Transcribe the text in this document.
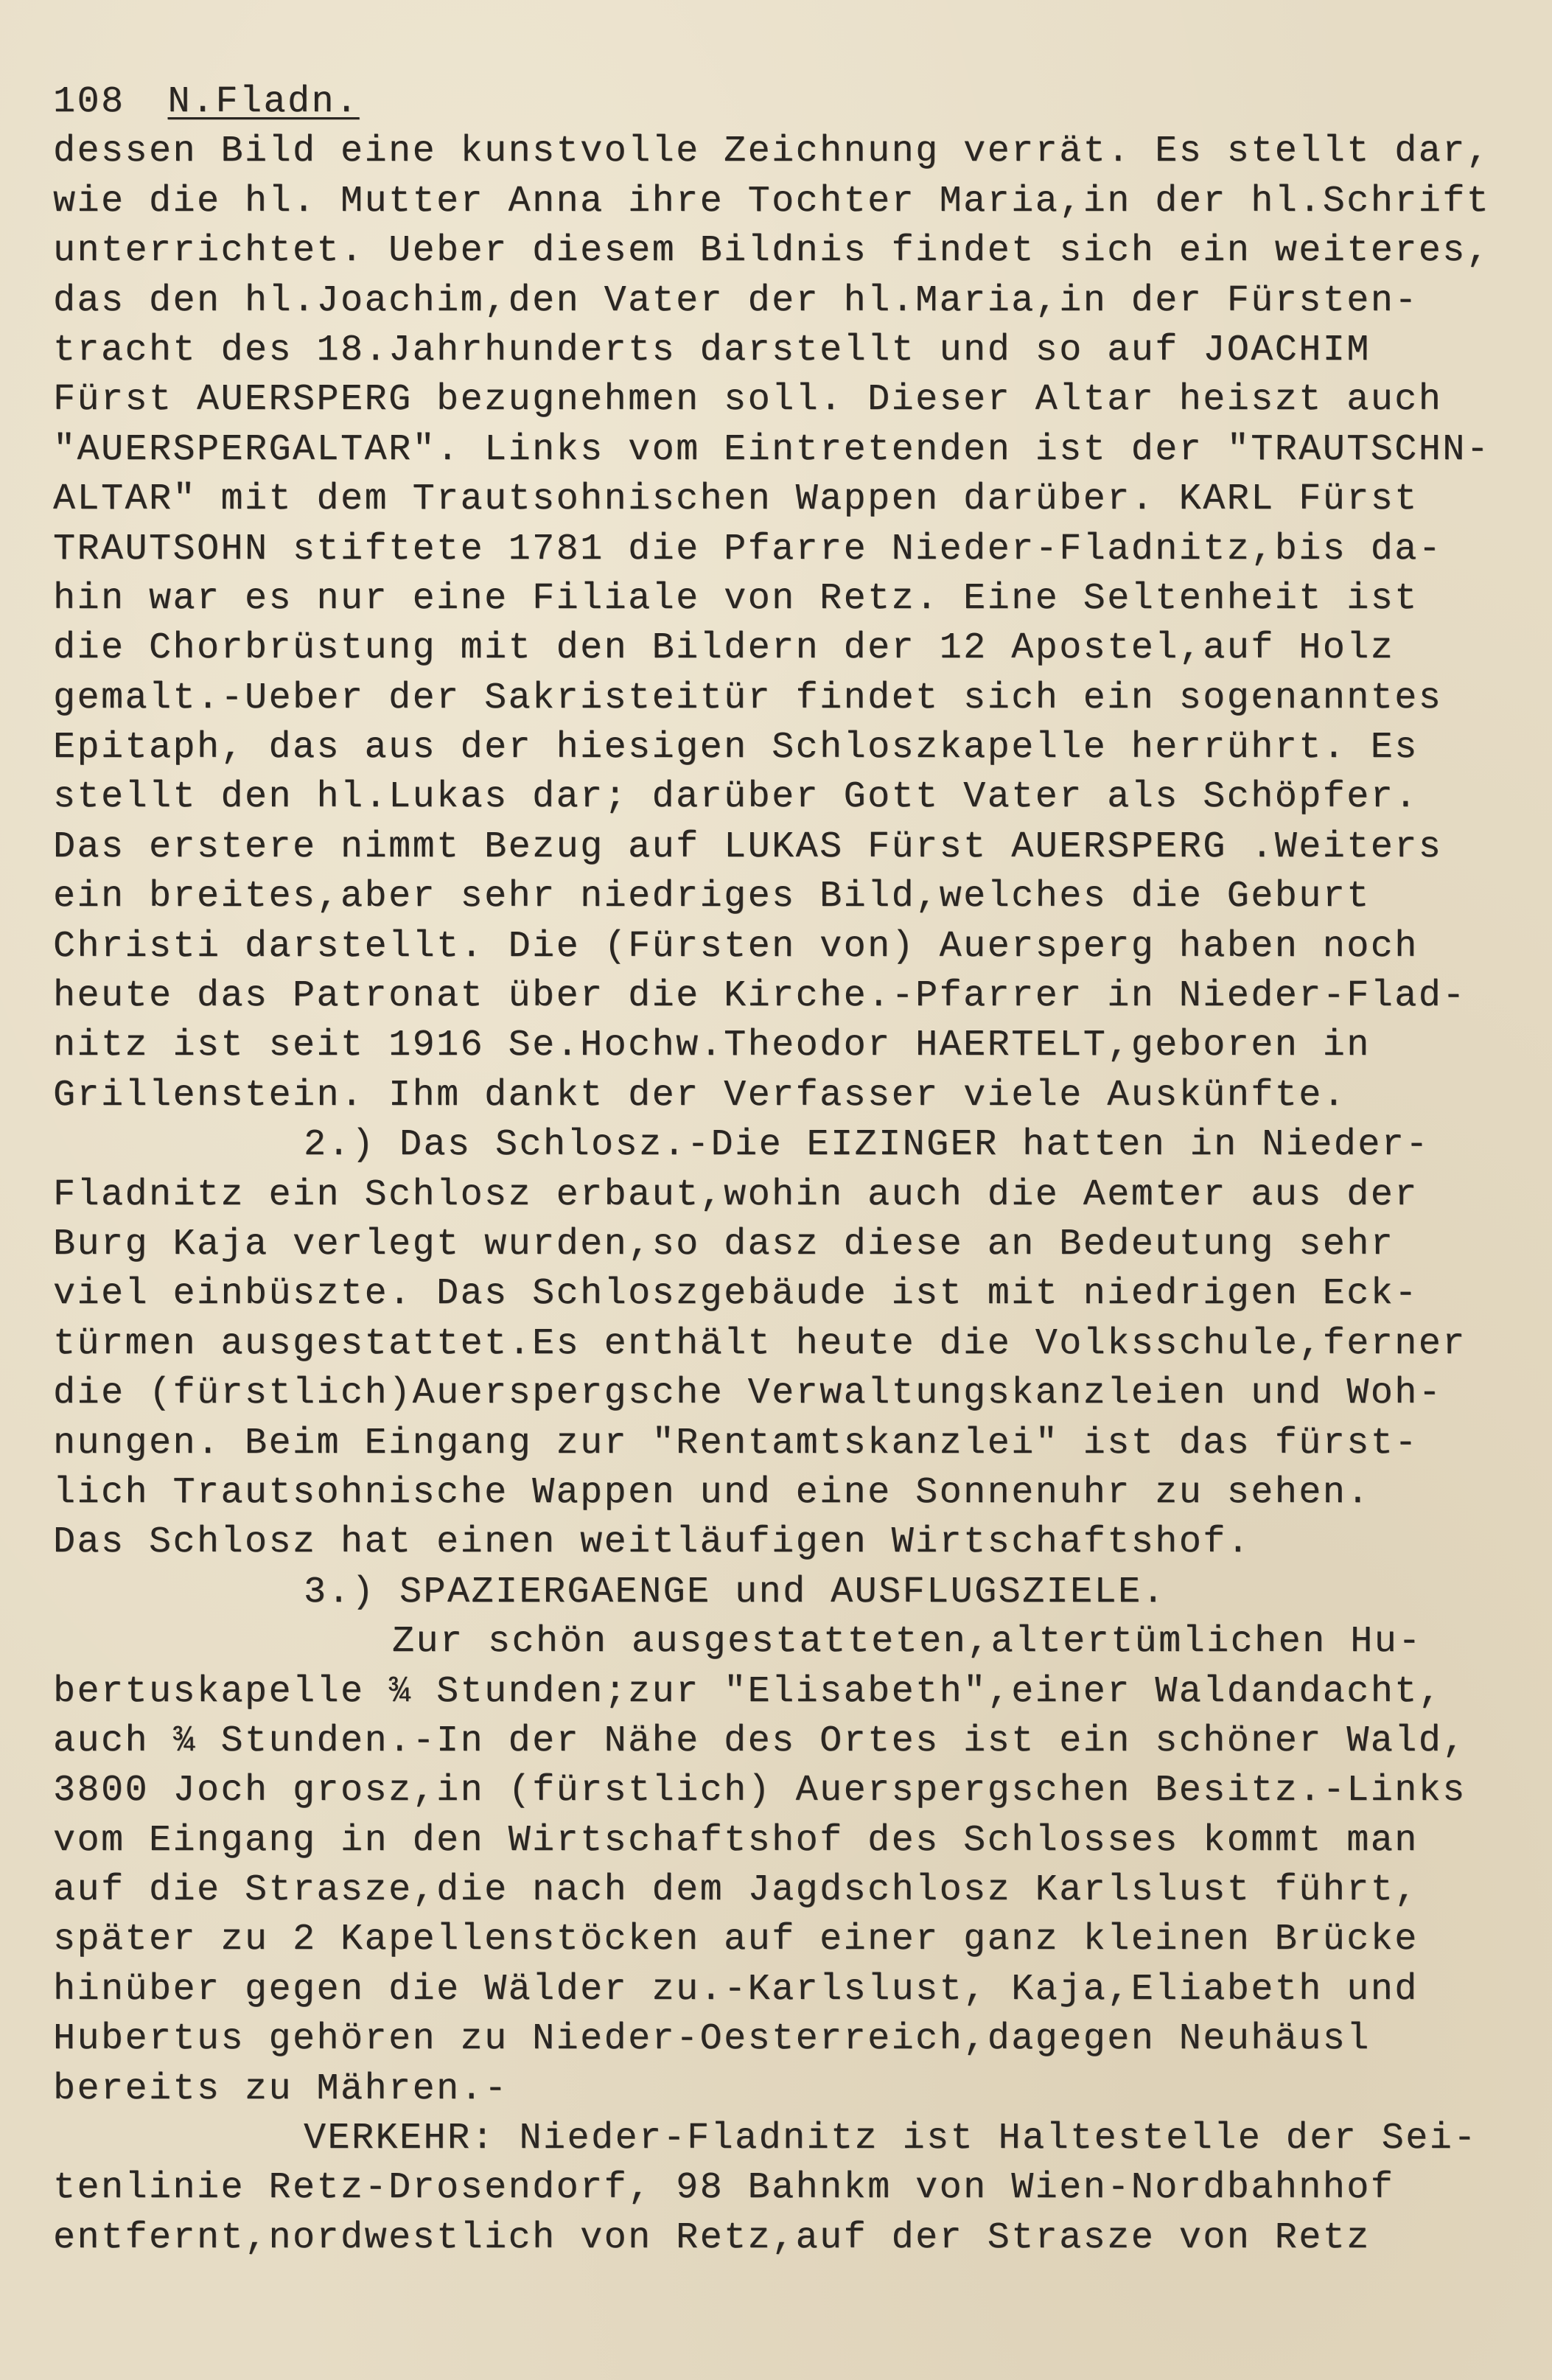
108 N.Fladn.
dessen Bild eine kunstvolle Zeichnung verrät. Es stellt dar,
wie die hl. Mutter Anna ihre Tochter Maria,in der hl.Schrift
unterrichtet. Ueber diesem Bildnis findet sich ein weiteres,
das den hl.Joachim,den Vater der hl.Maria,in der Fürsten-
tracht des 18.Jahrhunderts darstellt und so auf JOACHIM
Fürst AUERSPERG bezugnehmen soll. Dieser Altar heiszt auch
"AUERSPERGALTAR". Links vom Eintretenden ist der "TRAUTSCHN-
ALTAR" mit dem Trautsohnischen Wappen darüber. KARL Fürst
TRAUTSOHN stiftete 1781 die Pfarre Nieder-Fladnitz,bis da-
hin war es nur eine Filiale von Retz. Eine Seltenheit ist
die Chorbrüstung mit den Bildern der 12 Apostel,auf Holz
gemalt.-Ueber der Sakristeitür findet sich ein sogenanntes
Epitaph, das aus der hiesigen Schloszkapelle herrührt. Es
stellt den hl.Lukas dar; darüber Gott Vater als Schöpfer.
Das erstere nimmt Bezug auf LUKAS Fürst AUERSPERG .Weiters
ein breites,aber sehr niedriges Bild,welches die Geburt
Christi darstellt. Die (Fürsten von) Auersperg haben noch
heute das Patronat über die Kirche.-Pfarrer in Nieder-Flad-
nitz ist seit 1916 Se.Hochw.Theodor HAERTELT,geboren in
Grillenstein. Ihm dankt der Verfasser viele Auskünfte.
2.) Das Schlosz.-Die EIZINGER hatten in Nieder-
Fladnitz ein Schlosz erbaut,wohin auch die Aemter aus der
Burg Kaja verlegt wurden,so dasz diese an Bedeutung sehr
viel einbüszte. Das Schloszgebäude ist mit niedrigen Eck-
türmen ausgestattet.Es enthält heute die Volksschule,ferner
die (fürstlich)Auerspergsche Verwaltungskanzleien und Woh-
nungen. Beim Eingang zur "Rentamtskanzlei" ist das fürst-
lich Trautsohnische Wappen und eine Sonnenuhr zu sehen.
Das Schlosz hat einen weitläufigen Wirtschaftshof.
3.) SPAZIERGAENGE und AUSFLUGSZIELE.
Zur schön ausgestatteten,altertümlichen Hu-
bertuskapelle ¾ Stunden;zur "Elisabeth",einer Waldandacht,
auch ¾ Stunden.-In der Nähe des Ortes ist ein schöner Wald,
3800 Joch grosz,in (fürstlich) Auerspergschen Besitz.-Links
vom Eingang in den Wirtschaftshof des Schlosses kommt man
auf die Strasze,die nach dem Jagdschlosz Karlslust führt,
später zu 2 Kapellenstöcken auf einer ganz kleinen Brücke
hinüber gegen die Wälder zu.-Karlslust, Kaja,Eliabeth und
Hubertus gehören zu Nieder-Oesterreich,dagegen Neuhäusl
bereits zu Mähren.-
VERKEHR: Nieder-Fladnitz ist Haltestelle der Sei-
tenlinie Retz-Drosendorf, 98 Bahnkm von Wien-Nordbahnhof
entfernt,nordwestlich von Retz,auf der Strasze von Retz
